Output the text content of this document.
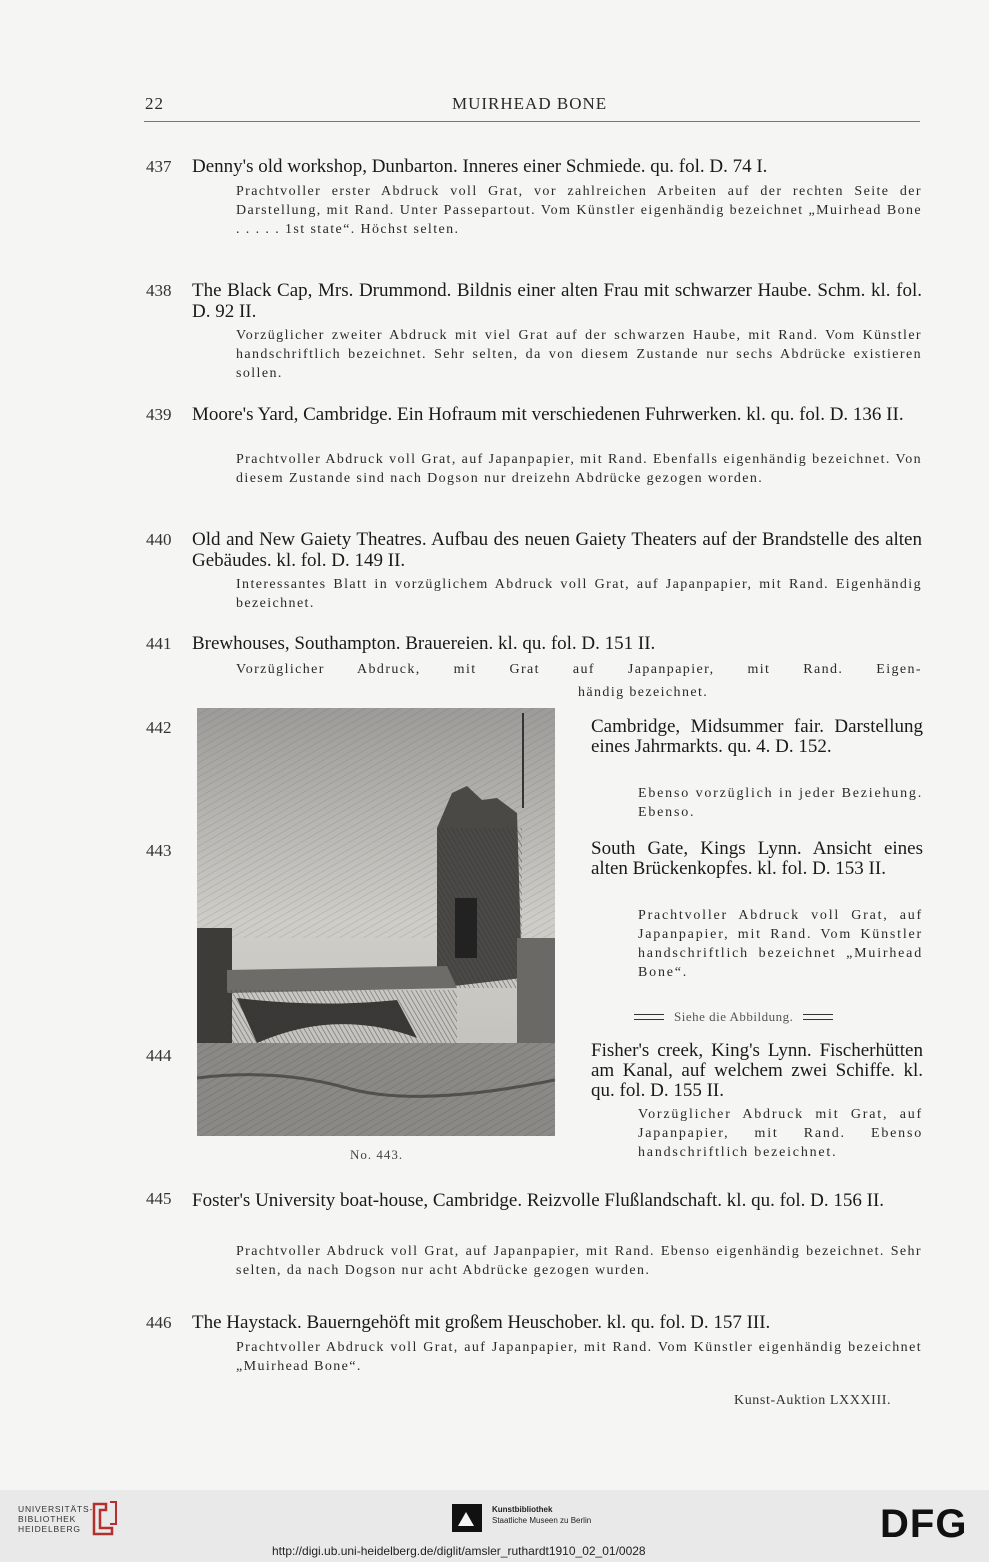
22	MUIRHEAD BONE
437 Denny's old workshop, Dunbarton. Inneres einer Schmiede. qu. fol. D. 74 I.
Prachtvoller erster Abdruck voll Grat, vor zahlreichen Arbeiten auf der rechten Seite der Darstellung, mit Rand. Unter Passepartout. Vom Künstler eigenhändig bezeichnet „Muirhead Bone . . . . . 1st state“. Höchst selten.
438 The Black Cap, Mrs. Drummond. Bildnis einer alten Frau mit schwarzer Haube. Schm. kl. fol. D. 92 II.
Vorzüglicher zweiter Abdruck mit viel Grat auf der schwarzen Haube, mit Rand. Vom Künstler handschriftlich bezeichnet. Sehr selten, da von diesem Zustande nur sechs Abdrücke existieren sollen.
439 Moore's Yard, Cambridge. Ein Hofraum mit verschiedenen Fuhrwerken. kl. qu. fol. D. 136 II.
Prachtvoller Abdruck voll Grat, auf Japanpapier, mit Rand. Ebenfalls eigenhändig bezeichnet. Von diesem Zustande sind nach Dogson nur dreizehn Abdrücke gezogen worden.
440 Old and New Gaiety Theatres. Aufbau des neuen Gaiety Theaters auf der Brandstelle des alten Gebäudes. kl. fol. D. 149 II.
Interessantes Blatt in vorzüglichem Abdruck voll Grat, auf Japanpapier, mit Rand. Eigenhändig bezeichnet.
441 Brewhouses, Southampton. Brauereien. kl. qu. fol. D. 151 II.
Vorzüglicher Abdruck, mit Grat auf Japanpapier, mit Rand. Eigen-
händig bezeichnet.
442	Cambridge, Midsummer fair. Darstellung eines Jahrmarkts. qu. 4. D. 152.
Ebenso vorzüglich in jeder Beziehung. Ebenso.
443	South Gate, Kings Lynn. Ansicht eines alten Brückenkopfes. kl. fol. D. 153 II.
Prachtvoller Abdruck voll Grat, auf Japanpapier, mit Rand. Vom Künstler handschriftlich bezeichnet „Muirhead Bone“.
Siehe die Abbildung.
444	Fisher's creek, King's Lynn. Fischerhütten am Kanal, auf welchem zwei Schiffe. kl. qu. fol. D. 155 II.
Vorzüglicher Abdruck mit Grat, auf Japanpapier, mit Rand. Ebenso handschriftlich bezeichnet.
No. 443.
445 Foster's University boat-house, Cambridge. Reizvolle Flußlandschaft. kl. qu. fol. D. 156 II.
Prachtvoller Abdruck voll Grat, auf Japanpapier, mit Rand. Ebenso eigenhändig bezeichnet. Sehr selten, da nach Dogson nur acht Abdrücke gezogen wurden.
446 The Haystack. Bauerngehöft mit großem Heuschober. kl. qu. fol. D. 157 III.
Prachtvoller Abdruck voll Grat, auf Japanpapier, mit Rand. Vom Künstler eigenhändig bezeichnet „Muirhead Bone“.
Kunst-Auktion LXXXIII.
UNIVERSITÄTS-
BIBLIOTHEK
HEIDELBERG
Kunstbibliothek
Staatliche Museen zu Berlin	DFG
http://digi.ub.uni-heidelberg.de/diglit/amsler_ruthardt1910_02_01/0028
